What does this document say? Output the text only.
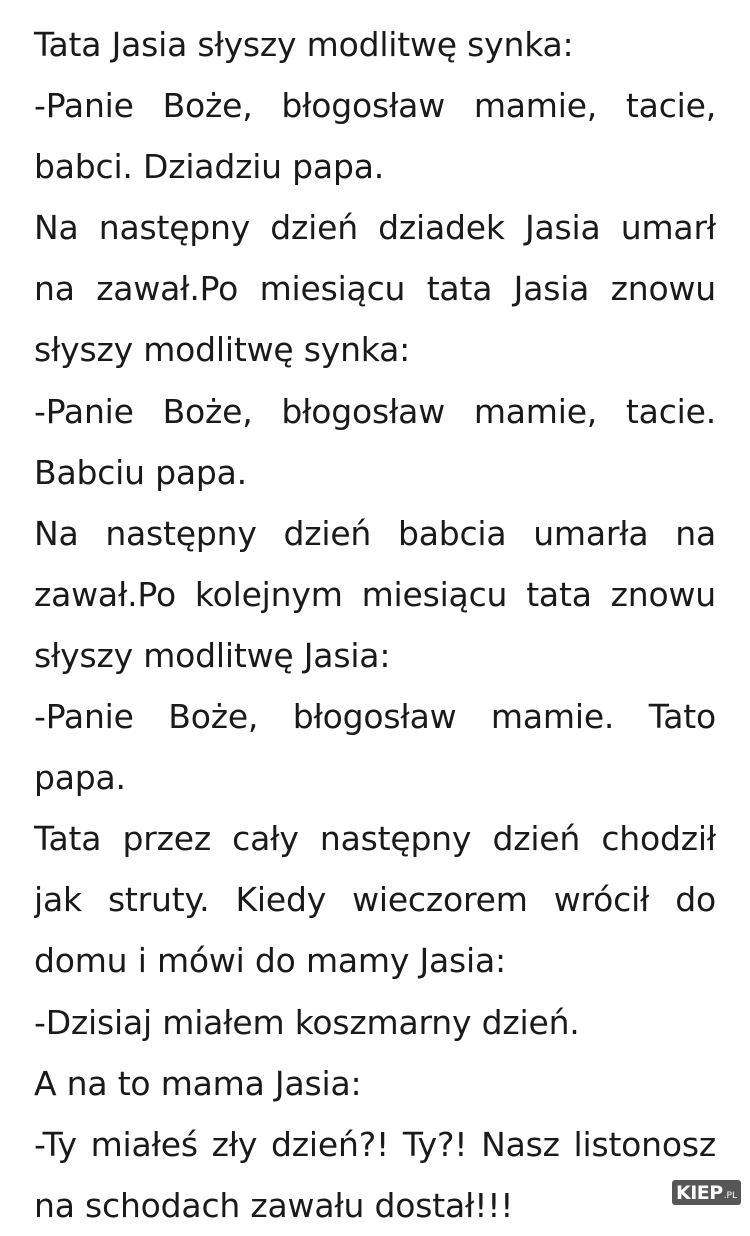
Tata Jasia słyszy modlitwę synka:
-Panie Boże, błogosław mamie, tacie,
babci. Dziadziu papa.
Na następny dzień dziadek Jasia umarł
na zawał.Po miesiącu tata Jasia znowu
słyszy modlitwę synka:
-Panie Boże, błogosław mamie, tacie.
Babciu papa.
Na następny dzień babcia umarła na
zawał.Po kolejnym miesiącu tata znowu
słyszy modlitwę Jasia:
-Panie Boże, błogosław mamie. Tato
papa.
Tata przez cały następny dzień chodził
jak struty. Kiedy wieczorem wrócił do
domu i mówi do mamy Jasia:
-Dzisiaj miałem koszmarny dzień.
A na to mama Jasia:
-Ty miałeś zły dzień?! Ty?! Nasz listonosz
na schodach zawału dostał!!!	KIEP .PL
